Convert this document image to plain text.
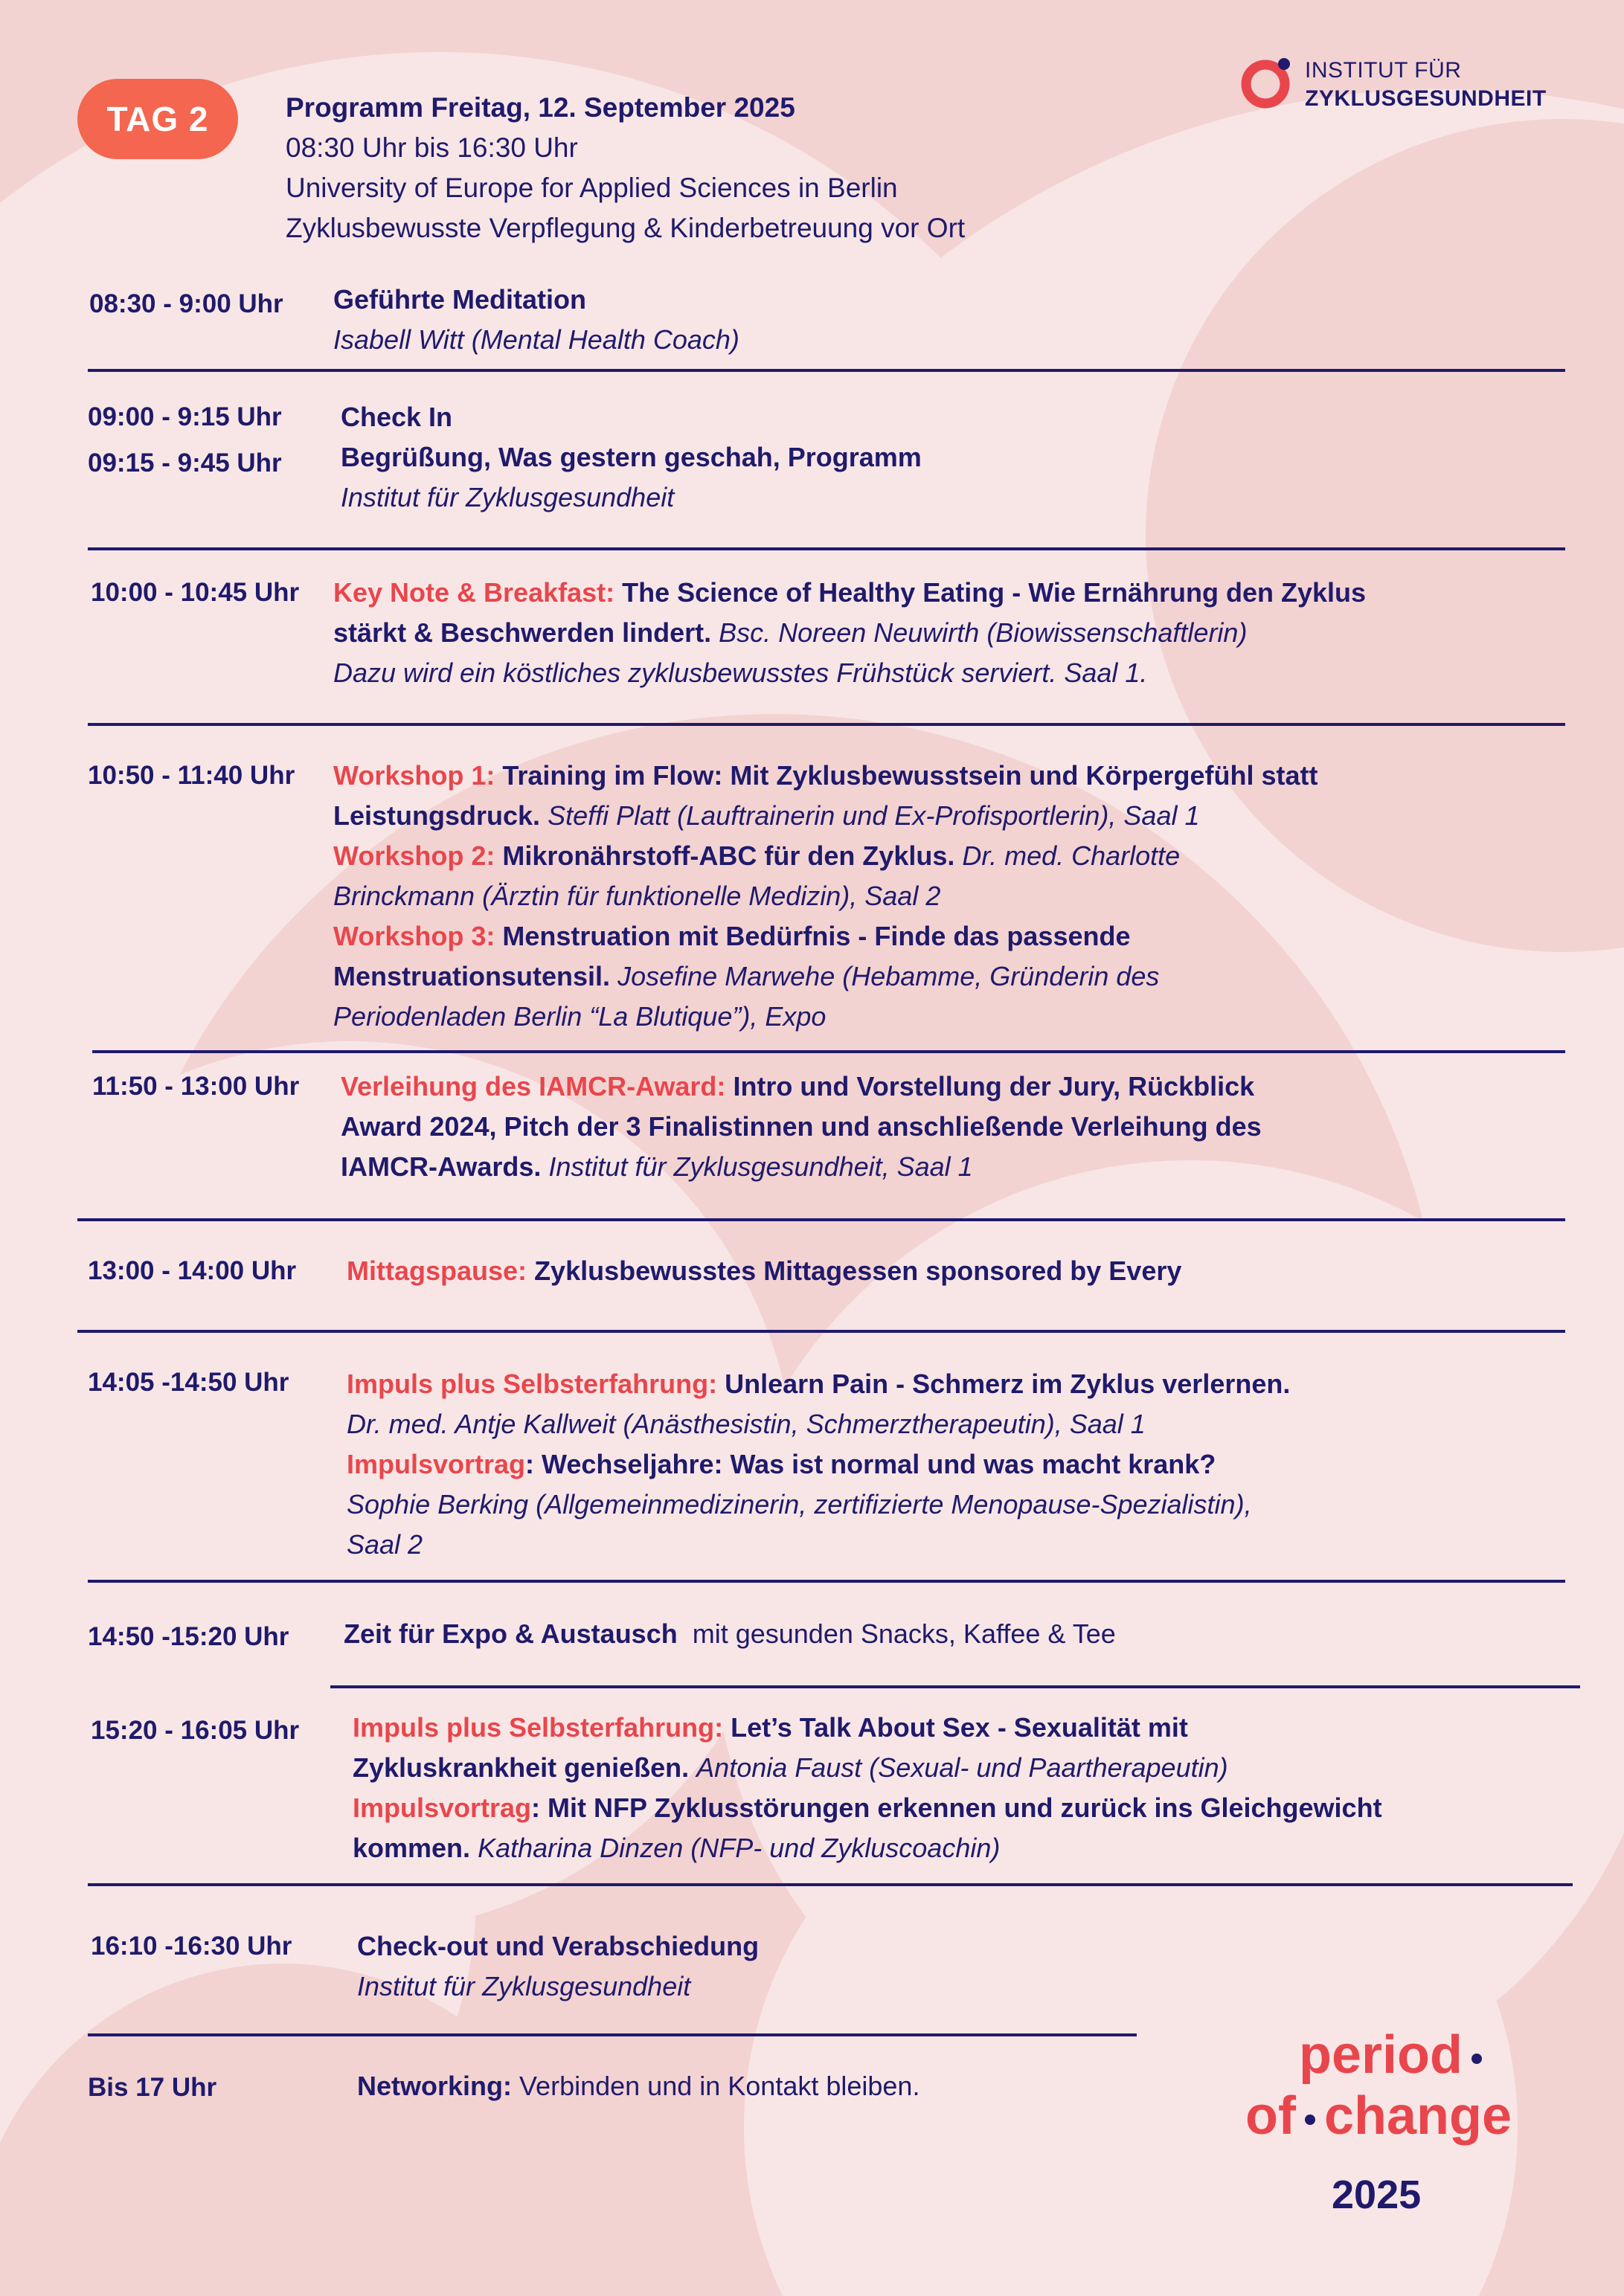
TAG 2	Programm Freitag, 12. September 2025
08:30 Uhr bis 16:30 Uhr
University of Europe for Applied Sciences in Berlin
Zyklusbewusste Verpflegung & Kinderbetreuung vor Ort
INSTITUT FÜR
ZYKLUSGESUNDHEIT
08:30 - 9:00 Uhr Geführte Meditation
Isabell Witt (Mental Health Coach)
09:00 - 9:15 Uhr
09:15 - 9:45 Uhr
Check In
Begrüßung, Was gestern geschah, Programm
Institut für Zyklusgesundheit
10:00 - 10:45 Uhr Key Note & Breakfast: The Science of Healthy Eating - Wie Ernährung den Zyklus
stärkt & Beschwerden lindert. Bsc. Noreen Neuwirth (Biowissenschaftlerin)
Dazu wird ein köstliches zyklusbewusstes Frühstück serviert. Saal 1.
10:50 - 11:40 Uhr Workshop 1: Training im Flow: Mit Zyklusbewusstsein und Körpergefühl statt
Leistungsdruck. Steffi Platt (Lauftrainerin und Ex-Profisportlerin), Saal 1
Workshop 2: Mikronährstoff-ABC für den Zyklus. Dr. med. Charlotte
Brinckmann (Ärztin für funktionelle Medizin), Saal 2
Workshop 3: Menstruation mit Bedürfnis - Finde das passende
Menstruationsutensil. Josefine Marwehe (Hebamme, Gründerin des
Periodenladen Berlin “La Blutique”), Expo
11:50 - 13:00 Uhr Verleihung des IAMCR-Award: Intro und Vorstellung der Jury, Rückblick
Award 2024, Pitch der 3 Finalistinnen und anschließende Verleihung des
IAMCR-Awards. Institut für Zyklusgesundheit, Saal 1
13:00 - 14:00 Uhr Mittagspause: Zyklusbewusstes Mittagessen sponsored by Every
14:05 -14:50 Uhr Impuls plus Selbsterfahrung: Unlearn Pain - Schmerz im Zyklus verlernen.
Dr. med. Antje Kallweit (Anästhesistin, Schmerztherapeutin), Saal 1
Impulsvortrag: Wechseljahre: Was ist normal und was macht krank?
Sophie Berking (Allgemeinmedizinerin, zertifizierte Menopause-Spezialistin),
Saal 2
14:50 -15:20 Uhr Zeit für Expo & Austausch mit gesunden Snacks, Kaffee & Tee
15:20 - 16:05 Uhr Impuls plus Selbsterfahrung: Let’s Talk About Sex - Sexualität mit
Zykluskrankheit genießen. Antonia Faust (Sexual- und Paartherapeutin)
Impulsvortrag: Mit NFP Zyklusstörungen erkennen und zurück ins Gleichgewicht
kommen. Katharina Dinzen (NFP- und Zykluscoachin)
16:10 -16:30 Uhr Check-out und Verabschiedung
Institut für Zyklusgesundheit
Bis 17 Uhr	Networking: Verbinden und in Kontakt bleiben.
period
of change
2025
